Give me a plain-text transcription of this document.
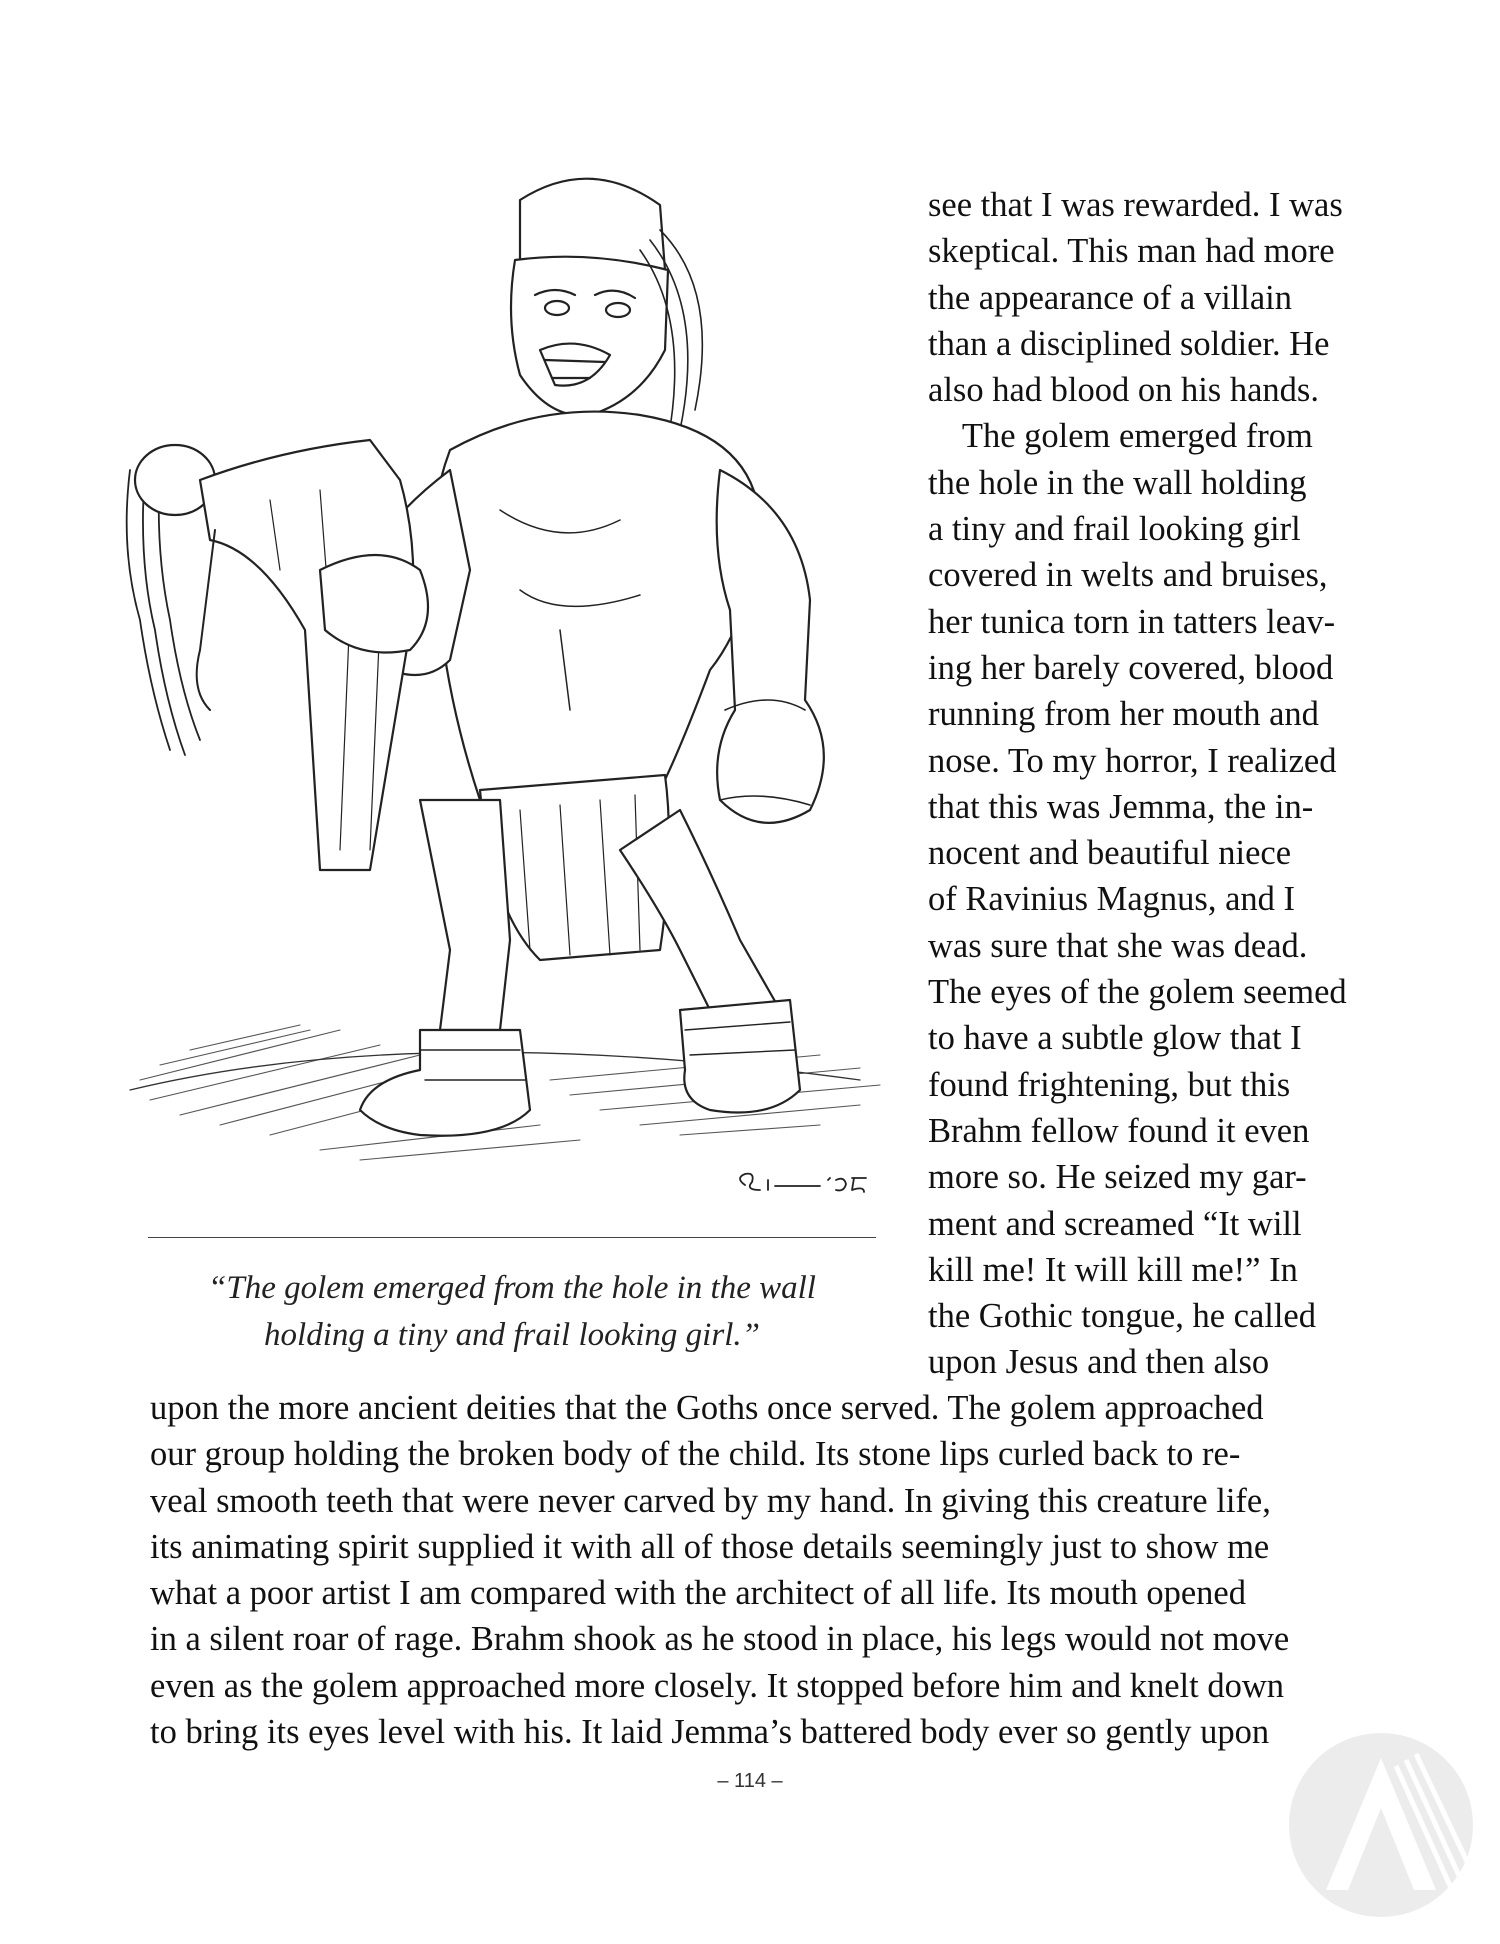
“The golem emerged from the hole in the wall
holding a tiny and frail looking girl.”
see that I was rewarded. I was
skeptical. This man had more
the appearance of a villain
than a disciplined soldier. He
also had blood on his hands.
The golem emerged from
the hole in the wall holding
a tiny and frail looking girl
covered in welts and bruises,
her tunica torn in tatters leav-
ing her barely covered, blood
running from her mouth and
nose. To my horror, I realized
that this was Jemma, the in-
nocent and beautiful niece
of Ravinius Magnus, and I
was sure that she was dead.
The eyes of the golem seemed
to have a subtle glow that I
found frightening, but this
Brahm fellow found it even
more so. He seized my gar-
ment and screamed “It will
kill me! It will kill me!” In
the Gothic tongue, he called
upon Jesus and then also
upon the more ancient deities that the Goths once served. The golem approached
our group holding the broken body of the child. Its stone lips curled back to re-
veal smooth teeth that were never carved by my hand. In giving this creature life,
its animating spirit supplied it with all of those details seemingly just to show me
what a poor artist I am compared with the architect of all life. Its mouth opened
in a silent roar of rage. Brahm shook as he stood in place, his legs would not move
even as the golem approached more closely. It stopped before him and knelt down
to bring its eyes level with his. It laid Jemma’s battered body ever so gently upon
– 114 –
